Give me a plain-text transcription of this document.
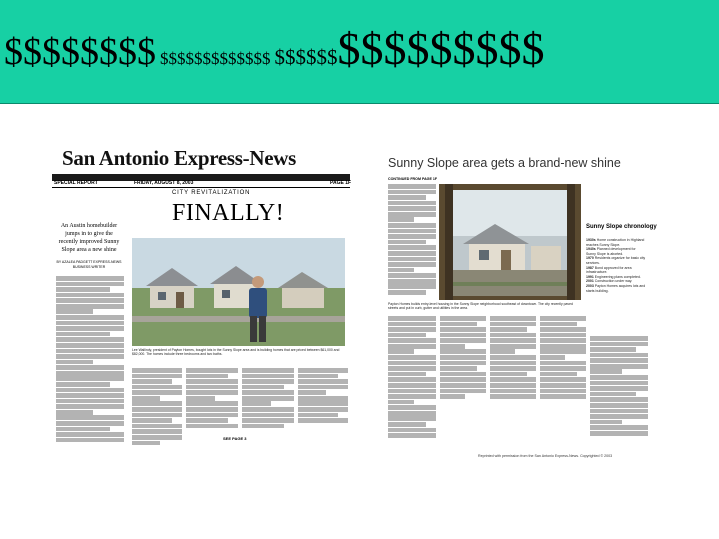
$$$$$$$$ $$$$$$$$$$$$$ $$$$$$$$$$$$$$$
San Antonio Express-News
SPECIAL REPORT	FRIDAY, AUGUST 8, 2003	PAGE 1F
CITY REVITALIZATION
FINALLY!
An Austin homebuilder jumps in to give the recently improved Sunny Slope area a new shine
BY AZALEA PADGETT EXPRESS-NEWS BUSINESS WRITER
Lee Wallindy, president of Payton Homes, bought lots in the Sunny Slope area and is building homes that are priced between $61,000 and $82,000. The homes include three bedrooms and two baths.
SEE PAGE 3
Sunny Slope area gets a brand-new shine
CONTINUED FROM PAGE 1F
Payton Homes builds entry-level housing in the Sunny Slope neighborhood southeast of downtown. The city recently paved streets and put in curb, gutter and utilities in the area.
Sunny Slope chronology
1930s Home construction in Highland reaches Sunny Slope.
1940s Planned development for Sunny Slope is aborted.
1970 Residents organize for basic city services.
1987 Bond approved for area infrastructure.
1991 Engineering plans completed.
2001 Construction under way.
2003 Payton Homes acquires lots and starts building.
Reprinted with permission from the San Antonio Express-News. Copyrighted © 2003
